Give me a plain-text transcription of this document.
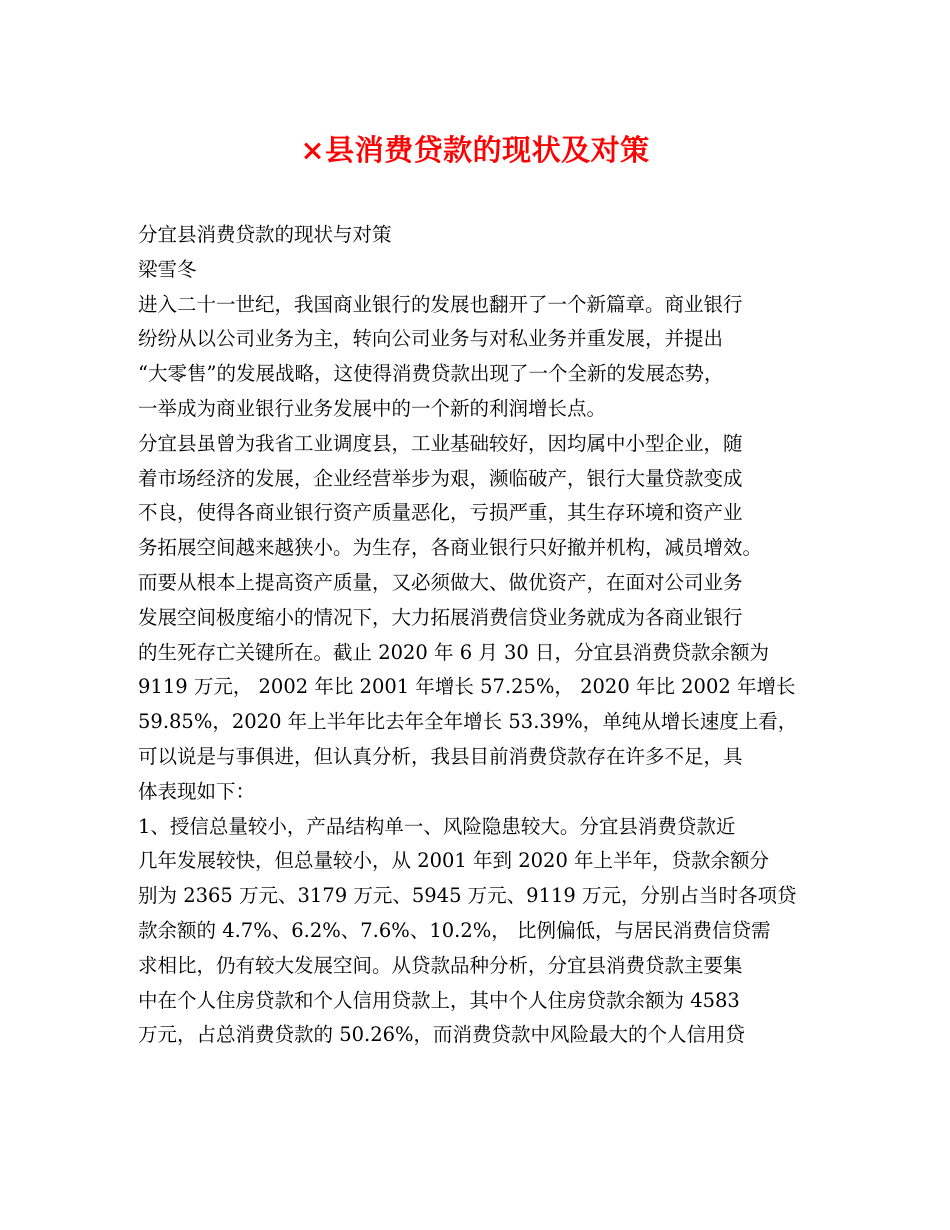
×县消费贷款的现状及对策
分宜县消费贷款的现状与对策
梁雪冬
进入二十一世纪，我国商业银行的发展也翻开了一个新篇章。商业银行
纷纷从以公司业务为主，转向公司业务与对私业务并重发展，并提出
“大零售”的发展战略，这使得消费贷款出现了一个全新的发展态势，
一举成为商业银行业务发展中的一个新的利润增长点。
分宜县虽曾为我省工业调度县，工业基础较好，因均属中小型企业，随
着市场经济的发展，企业经营举步为艰，濒临破产，银行大量贷款变成
不良，使得各商业银行资产质量恶化，亏损严重，其生存环境和资产业
务拓展空间越来越狭小。为生存，各商业银行只好撤并机构，减员增效。
而要从根本上提高资产质量，又必须做大、做优资产，在面对公司业务
发展空间极度缩小的情况下，大力拓展消费信贷业务就成为各商业银行
的生死存亡关键所在。截止 2020 年 6 月 30 日，分宜县消费贷款余额为
9119 万元， 2002 年比 2001 年增长 57.25%， 2020 年比 2002 年增长
59.85%，2020 年上半年比去年全年增长 53.39%，单纯从增长速度上看，
可以说是与事俱进，但认真分析，我县目前消费贷款存在许多不足，具
体表现如下：
1、授信总量较小，产品结构单一、风险隐患较大。分宜县消费贷款近
几年发展较快，但总量较小，从 2001 年到 2020 年上半年，贷款余额分
别为 2365 万元、3179 万元、5945 万元、9119 万元，分别占当时各项贷
款余额的 4.7%、6.2%、7.6%、10.2%， 比例偏低，与居民消费信贷需
求相比，仍有较大发展空间。从贷款品种分析，分宜县消费贷款主要集
中在个人住房贷款和个人信用贷款上，其中个人住房贷款余额为 4583
万元，占总消费贷款的 50.26%，而消费贷款中风险最大的个人信用贷
